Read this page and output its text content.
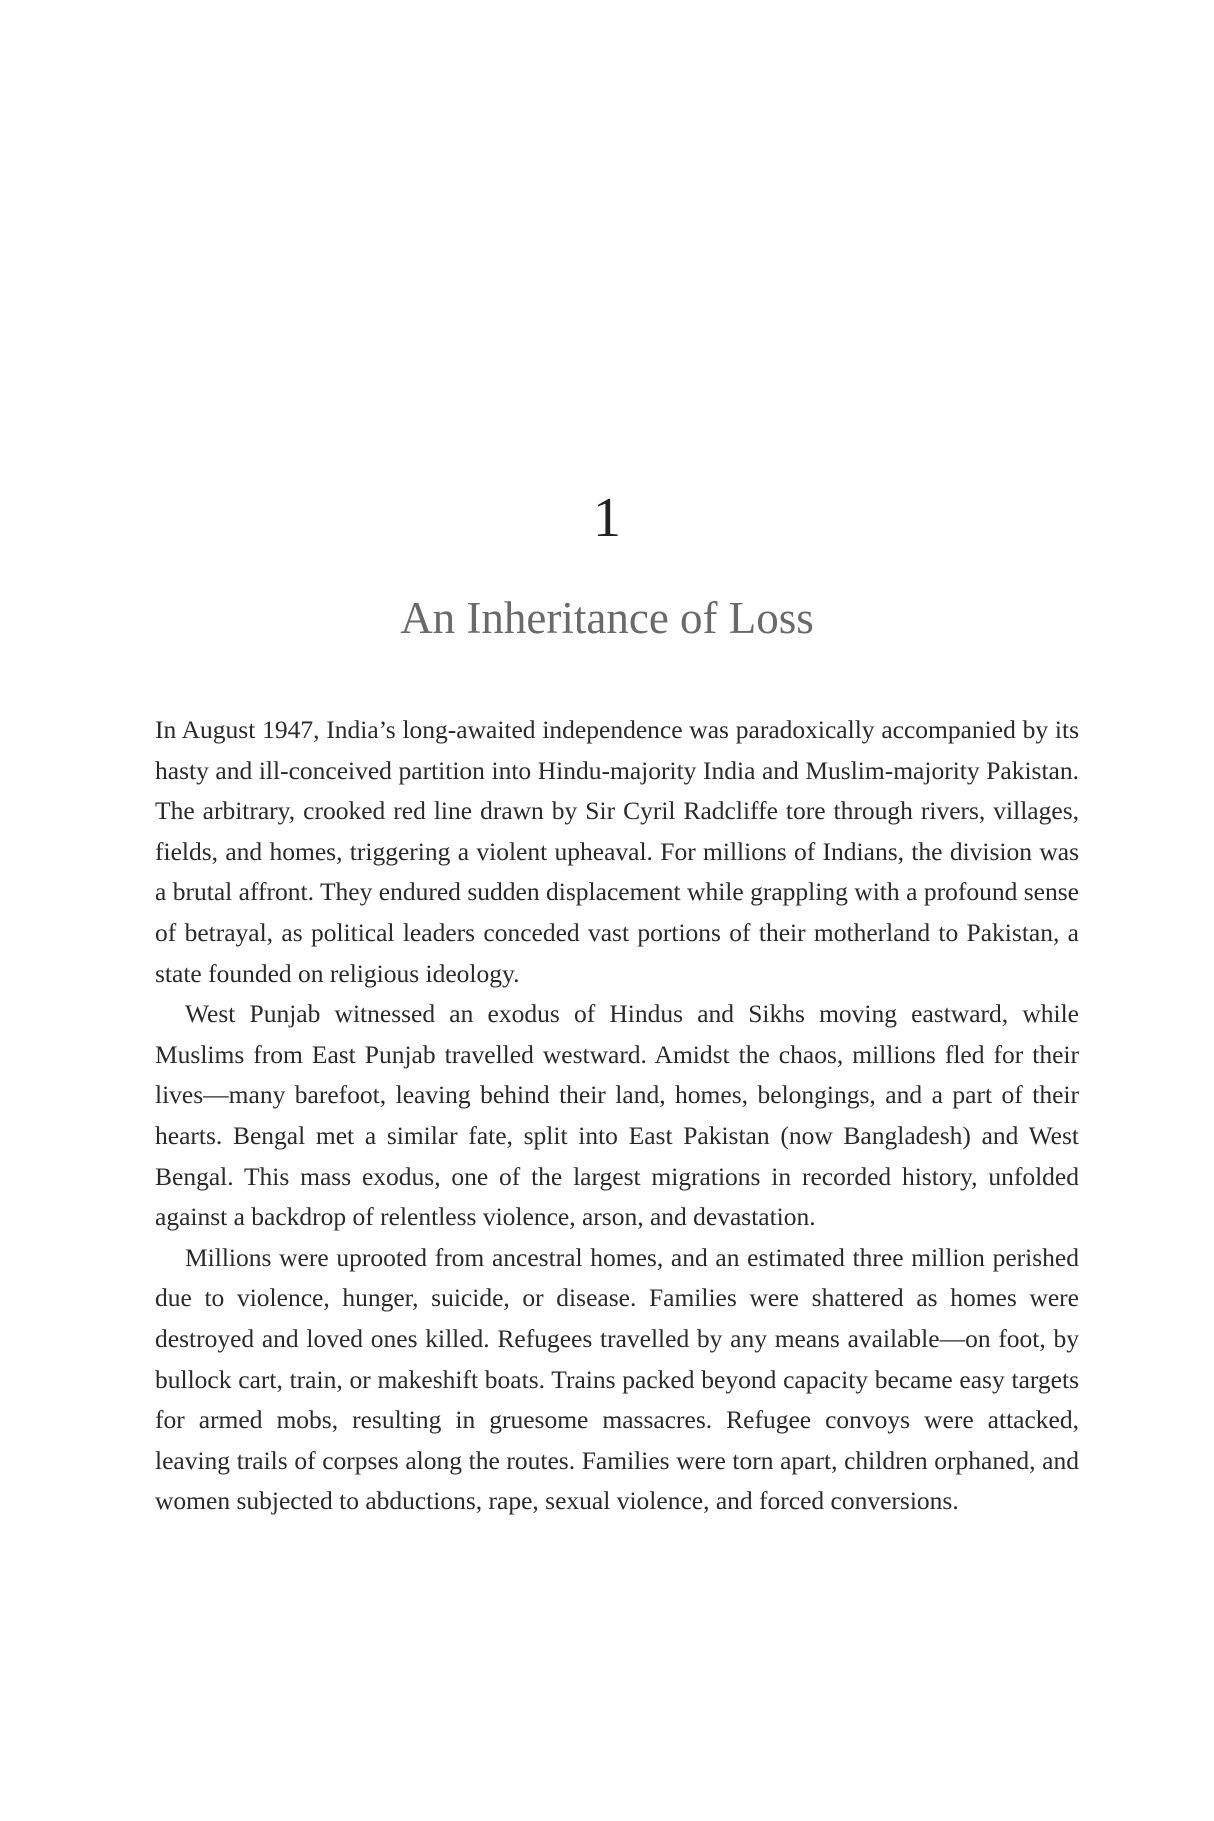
1
An Inheritance of Loss

In August 1947, India’s long-awaited independence was paradoxically accompanied by its hasty and ill-conceived partition into Hindu-majority India and Muslim-majority Pakistan. The arbitrary, crooked red line drawn by Sir Cyril Radcliffe tore through rivers, villages, fields, and homes, triggering a violent upheaval. For millions of Indians, the division was a brutal affront. They endured sudden displacement while grappling with a profound sense of betrayal, as political leaders conceded vast portions of their motherland to Pakistan, a state founded on religious ideology.

West Punjab witnessed an exodus of Hindus and Sikhs moving eastward, while Muslims from East Punjab travelled westward. Amidst the chaos, millions fled for their lives—many barefoot, leaving behind their land, homes, belongings, and a part of their hearts. Bengal met a similar fate, split into East Pakistan (now Bangladesh) and West Bengal. This mass exodus, one of the largest migrations in recorded history, unfolded against a backdrop of relentless violence, arson, and devastation.

Millions were uprooted from ancestral homes, and an estimated three million perished due to violence, hunger, suicide, or disease. Families were shattered as homes were destroyed and loved ones killed. Refugees travelled by any means available—on foot, by bullock cart, train, or makeshift boats. Trains packed beyond capacity became easy targets for armed mobs, resulting in gruesome massacres. Refugee convoys were attacked, leaving trails of corpses along the routes. Families were torn apart, children orphaned, and women subjected to abductions, rape, sexual violence, and forced conversions.
